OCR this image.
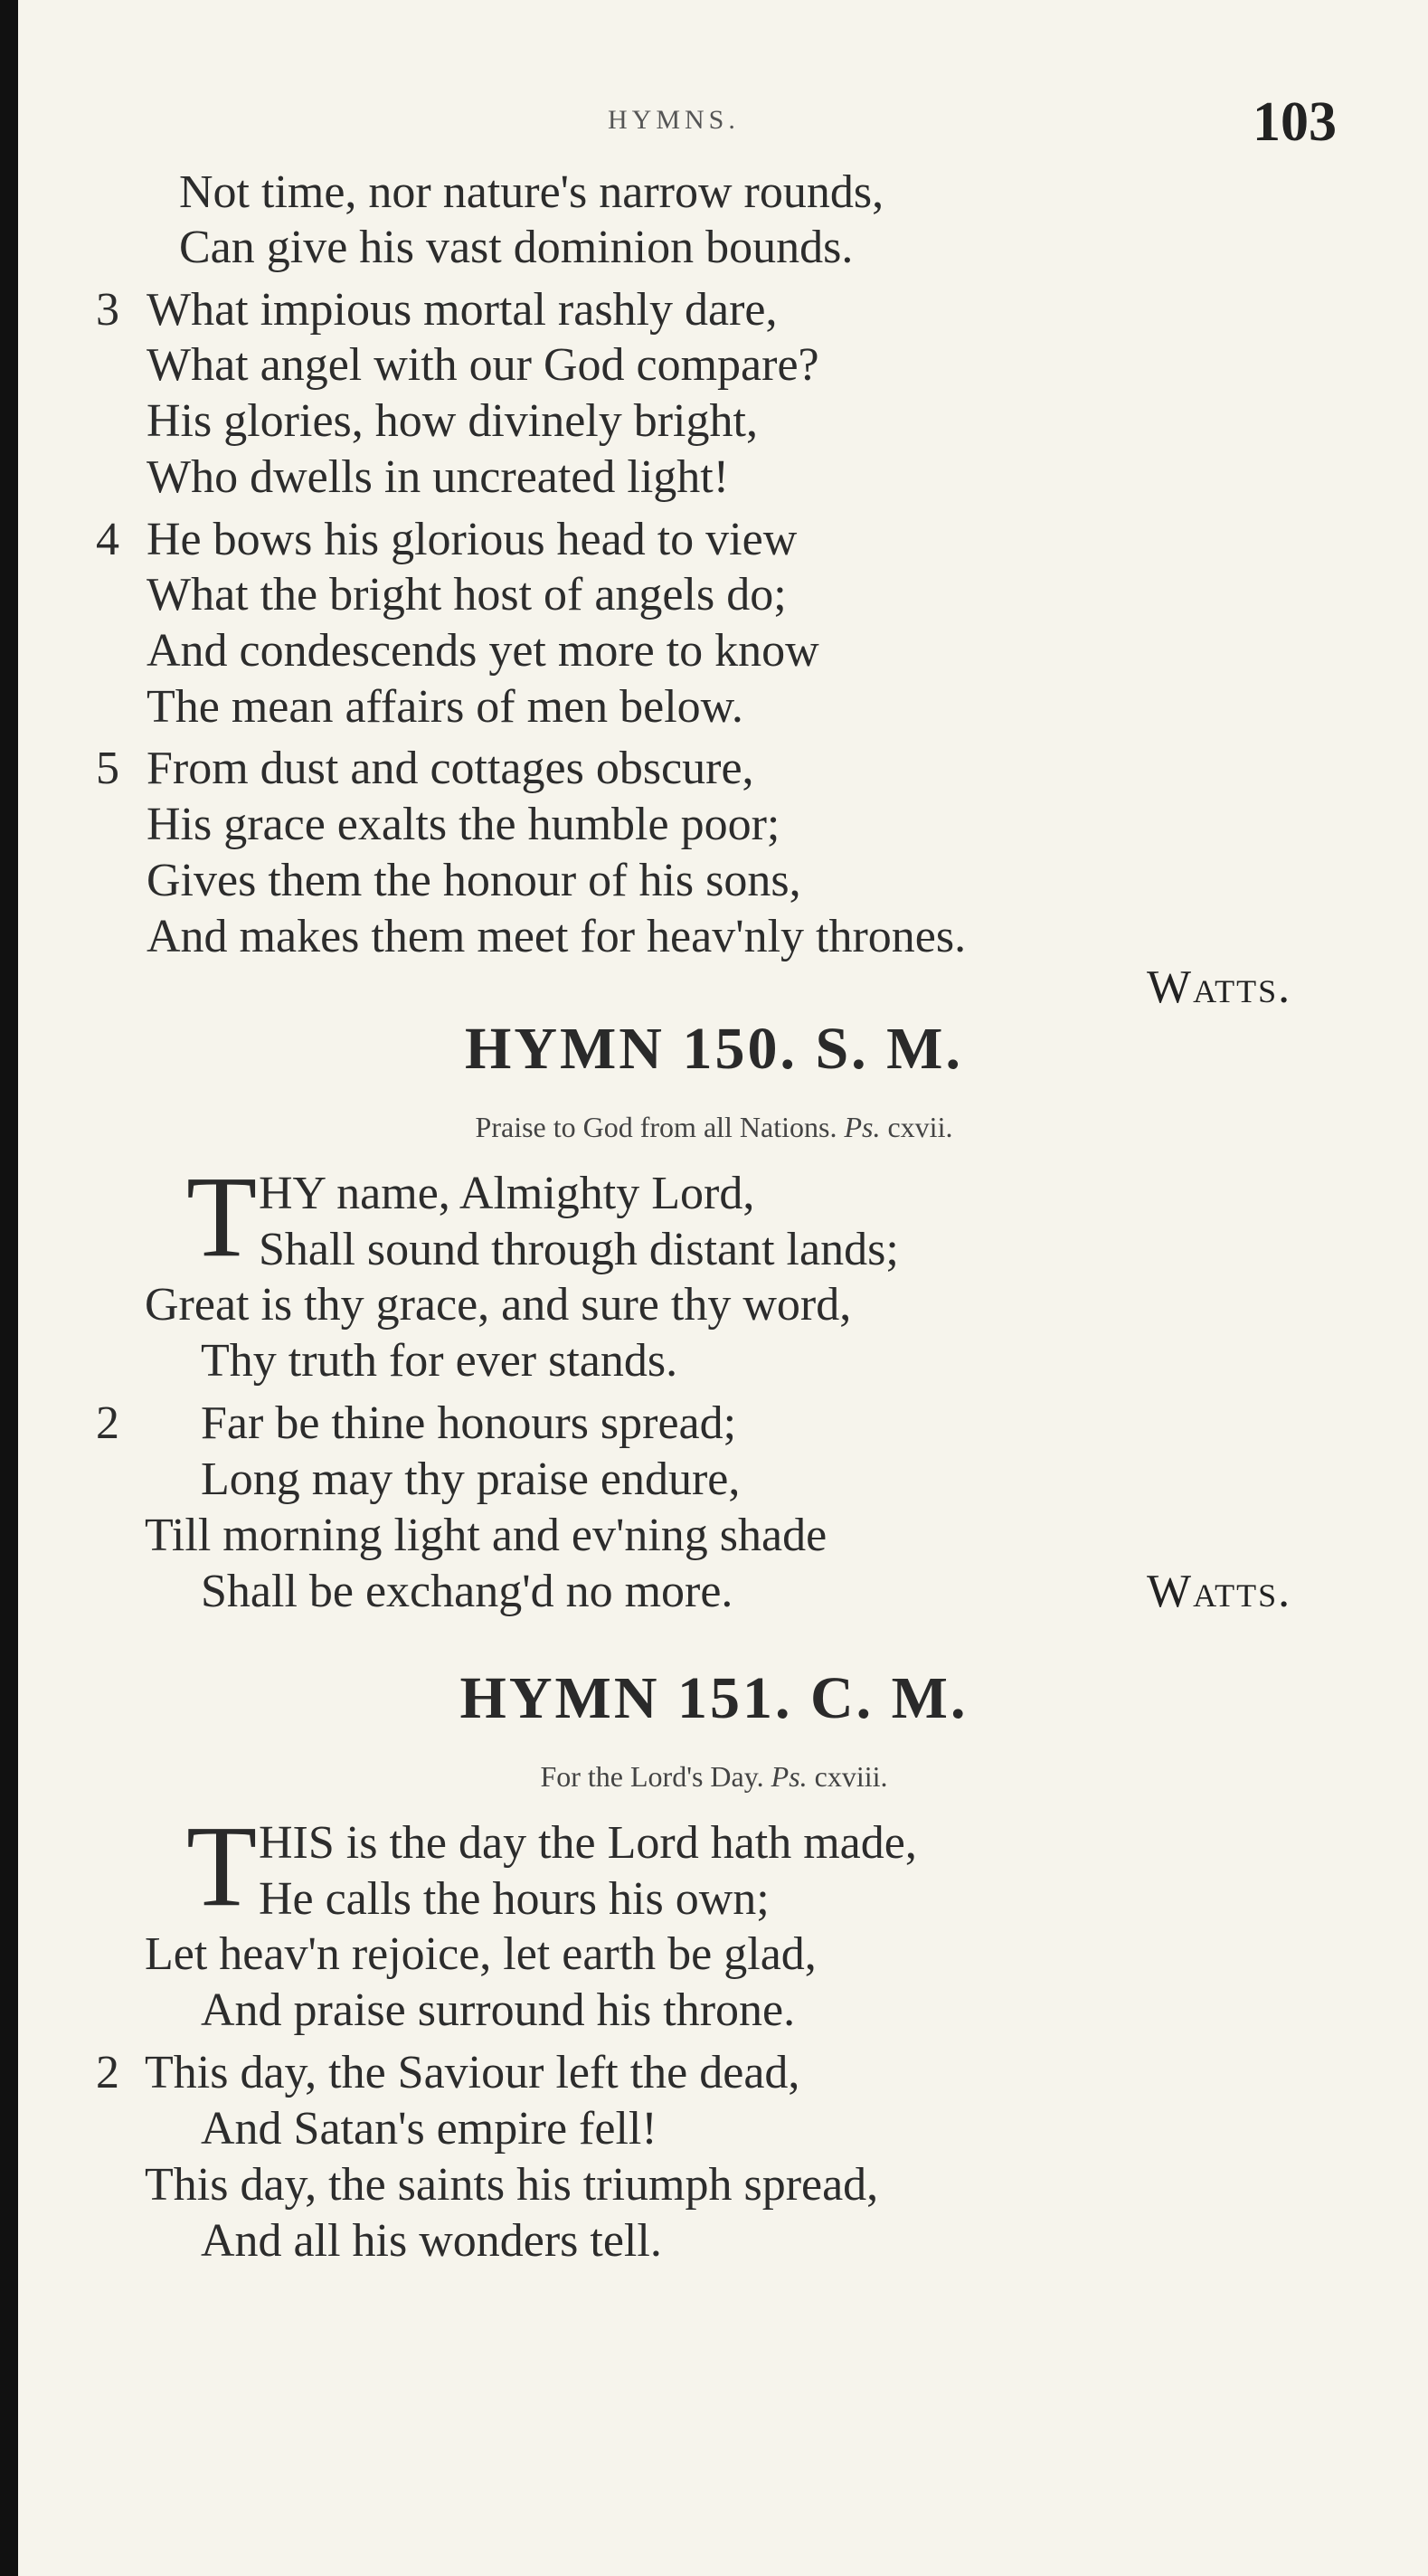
HYMNS.	103
Not time, nor nature's narrow rounds,
Can give his vast dominion bounds.
3 What impious mortal rashly dare,
What angel with our God compare?
His glories, how divinely bright,
Who dwells in uncreated light!
4 He bows his glorious head to view
What the bright host of angels do;
And condescends yet more to know
The mean affairs of men below.
5 From dust and cottages obscure,
His grace exalts the humble poor;
Gives them the honour of his sons,
And makes them meet for heav'nly thrones.
Watts.
HYMN 150. S. M.
Praise to God from all Nations. Ps. cxvii.
T HY name, Almighty Lord,
Shall sound through distant lands;
Great is thy grace, and sure thy word,
Thy truth for ever stands.
2 Far be thine honours spread;
Long may thy praise endure,
Till morning light and ev'ning shade
Shall be exchang'd no more.	Watts.
HYMN 151. C. M.
For the Lord's Day. Ps. cxviii.
T HIS is the day the Lord hath made,
He calls the hours his own;
Let heav'n rejoice, let earth be glad,
And praise surround his throne.
2 This day, the Saviour left the dead,
And Satan's empire fell!
This day, the saints his triumph spread,
And all his wonders tell.
